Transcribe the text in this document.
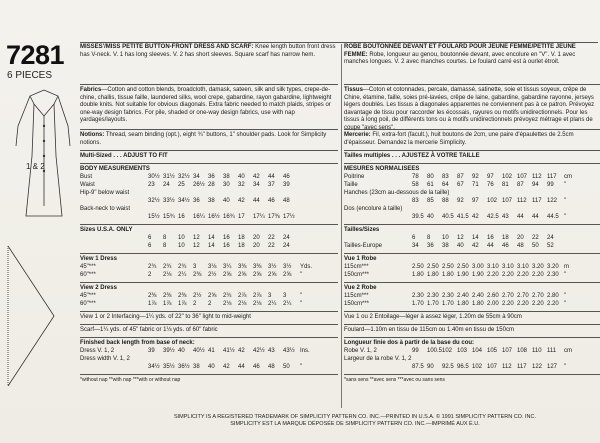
7281
6 PIECES
1 & 2
MISSES'/MISS PETITE BUTTON-FRONT DRESS AND SCARF: Knee length button front dress has V-neck. V. 1 has long sleeves. V. 2 has short sleeves. Square scarf has narrow hem.
Fabrics—Cotton and cotton blends, broadcloth, damask, sateen, silk and silk types, crepe-de-chine, challis, tissue faille, laundered silks, wool crepe, gabardine, rayon gabardine, lightweight double knits. Not suitable for obvious diagonals. Extra fabric needed to match plaids, stripes or one-way design fabrics. For pile, shaded or one-way design fabrics, use with nap yardages/layouts.
Notions: Thread, seam binding (opt.), eight ¾" buttons, 1" shoulder pads. Look for Simplicity notions.
Multi-Sized . . . ADJUST TO FIT
BODY MEASUREMENTS
Bust	30½ 31½ 32½ 34	36	38	40	42	44	46
Waist	23	24	25	26½ 28	30	32	34	37	39
Hip-9" below waist
32½ 33½ 34½ 36	38	40	42	44	46	48
Back-neck to waist
15½ 15¾ 16	16¼ 16½ 16¾ 17	17¼ 17⅜ 17½
Sizes U.S.A. ONLY
6	8	10	12	14	16	18	20	22	24
6	8	10	12	14	16	18	20	22	24
View 1 Dress
45"***	2¾	2¾	2¾	3	3⅛	3¼	3⅜	3⅜	3½	3½	Yds.
60"***	2	2⅛	2¼	2⅜	2½	2⅝	2⅝	2⅝	2⅝	2⅝	"
View 2 Dress
45"***	2⅜	2⅜	2⅜	2½	2⅝	2¾	2⅞	2⅞	3	3	"
60"***	1⅞	1⅞	1⅞	2	2	2⅛	2⅛	2⅛	2¼	2¼	"
View 1 or 2 Interfacing—1¼ yds. of 22" to 36" light to mid-weight
Scarf—1¼ yds. of 45" fabric or 1⅛ yds. of 60" fabric
Finished back length from base of neck:
Dress V. 1, 2	39	39½ 40	40½ 41	41½ 42	42½ 43	43½ Ins.
Dress width V. 1, 2
34½ 35½ 36½ 38	40	42	44	46	48	50	"
*without nap **with nap ***with or without nap
ROBE BOUTONNÉE DEVANT ET FOULARD POUR JEUNE FEMME/PETITE JEUNE FEMME: Robe, longueur au genou, boutonnée devant, avec encolure en "V". V. 1 avec manches longues. V. 2 avec manches courtes. Le foulard carré est à ourlet étroit.
Tissus—Coton et cotonnades, percale, damassé, satinette, soie et tissus soyeux, crêpe de Chine, étamine, faille, soies pré-lavées, crêpe de laine, gabardine, gabardine rayonne, jerseys légers doublés. Les tissus à diagonales apparentes ne conviennent pas à ce patron. Prévoyez davantage de tissu pour raccorder les écossais, rayures ou motifs unidirectionnels. Pour les tissus à long poil, de différents tons ou à motifs unidirectionnels prévoyez métrage et plans de coupe "avec sens".
Mercerie: Fil, extra-fort (facult.), huit boutons de 2cm, une paire d'épaulettes de 2.5cm d'épaisseur. Demandez la mercerie Simplicity.
Tailles multiples . . . AJUSTEZ À VOTRE TAILLE
MESURES NORMALISEES
Poitrine	78	80	83	87	92	97	102 107 112 117	cm
Taille	58	61	64	67	71	76	81	87	94	99	"
Hanches (23cm au-dessous de la taille)
83	85	88	92	97	102 107 112 117 122	"
Dos (encolure à taille)
39.5 40	40.5 41.5 42	42.5 43	44	44	44.5 "
Tailles/Sizes
6	8	10	12	14	16	18	20	22	24
Tailles-Europe	34	36	38	40	42	44	46	48	50	52
Vue 1 Robe
115cm***	2.50 2.50 2.50 2.50 3.00 3.10 3.10 3.10 3.20 3.20 m
150cm***	1.80 1.80 1.80 1.90 1.90 2.20 2.20 2.20 2.20 2.30 "
Vue 2 Robe
115cm***	2.30 2.30 2.30 2.40 2.40 2.60 2.70 2.70 2.70 2.80 "
150cm***	1.70 1.70 1.70 1.80 1.80 2.00 2.20 2.20 2.20 2.20 "
Vue 1 ou 2 Entoilage—léger à assez léger, 1.20m de 55cm à 90cm
Foulard—1.10m en tissu de 115cm ou 1.40m en tissu de 150cm
Longueur finie dos à partir de la base du cou:
Robe V. 1, 2	99	100.5 102 103 104 105 107 108 110 111	cm
Largeur de la robe V. 1, 2
87.5 90	92.5 96.5 102 107 112 117 122 127	"
*sans sens **avec sens ***avec ou sans sens
SIMPLICITY IS A REGISTERED TRADEMARK OF SIMPLICITY PATTERN CO. INC.—PRINTED IN U.S.A. © 1991 SIMPLICITY PATTERN CO. INC.
SIMPLICITY EST LA MARQUE DÉPOSÉE DE SIMPLICITY PATTERN CO. INC.—IMPRIMÉ AUX É.U.
